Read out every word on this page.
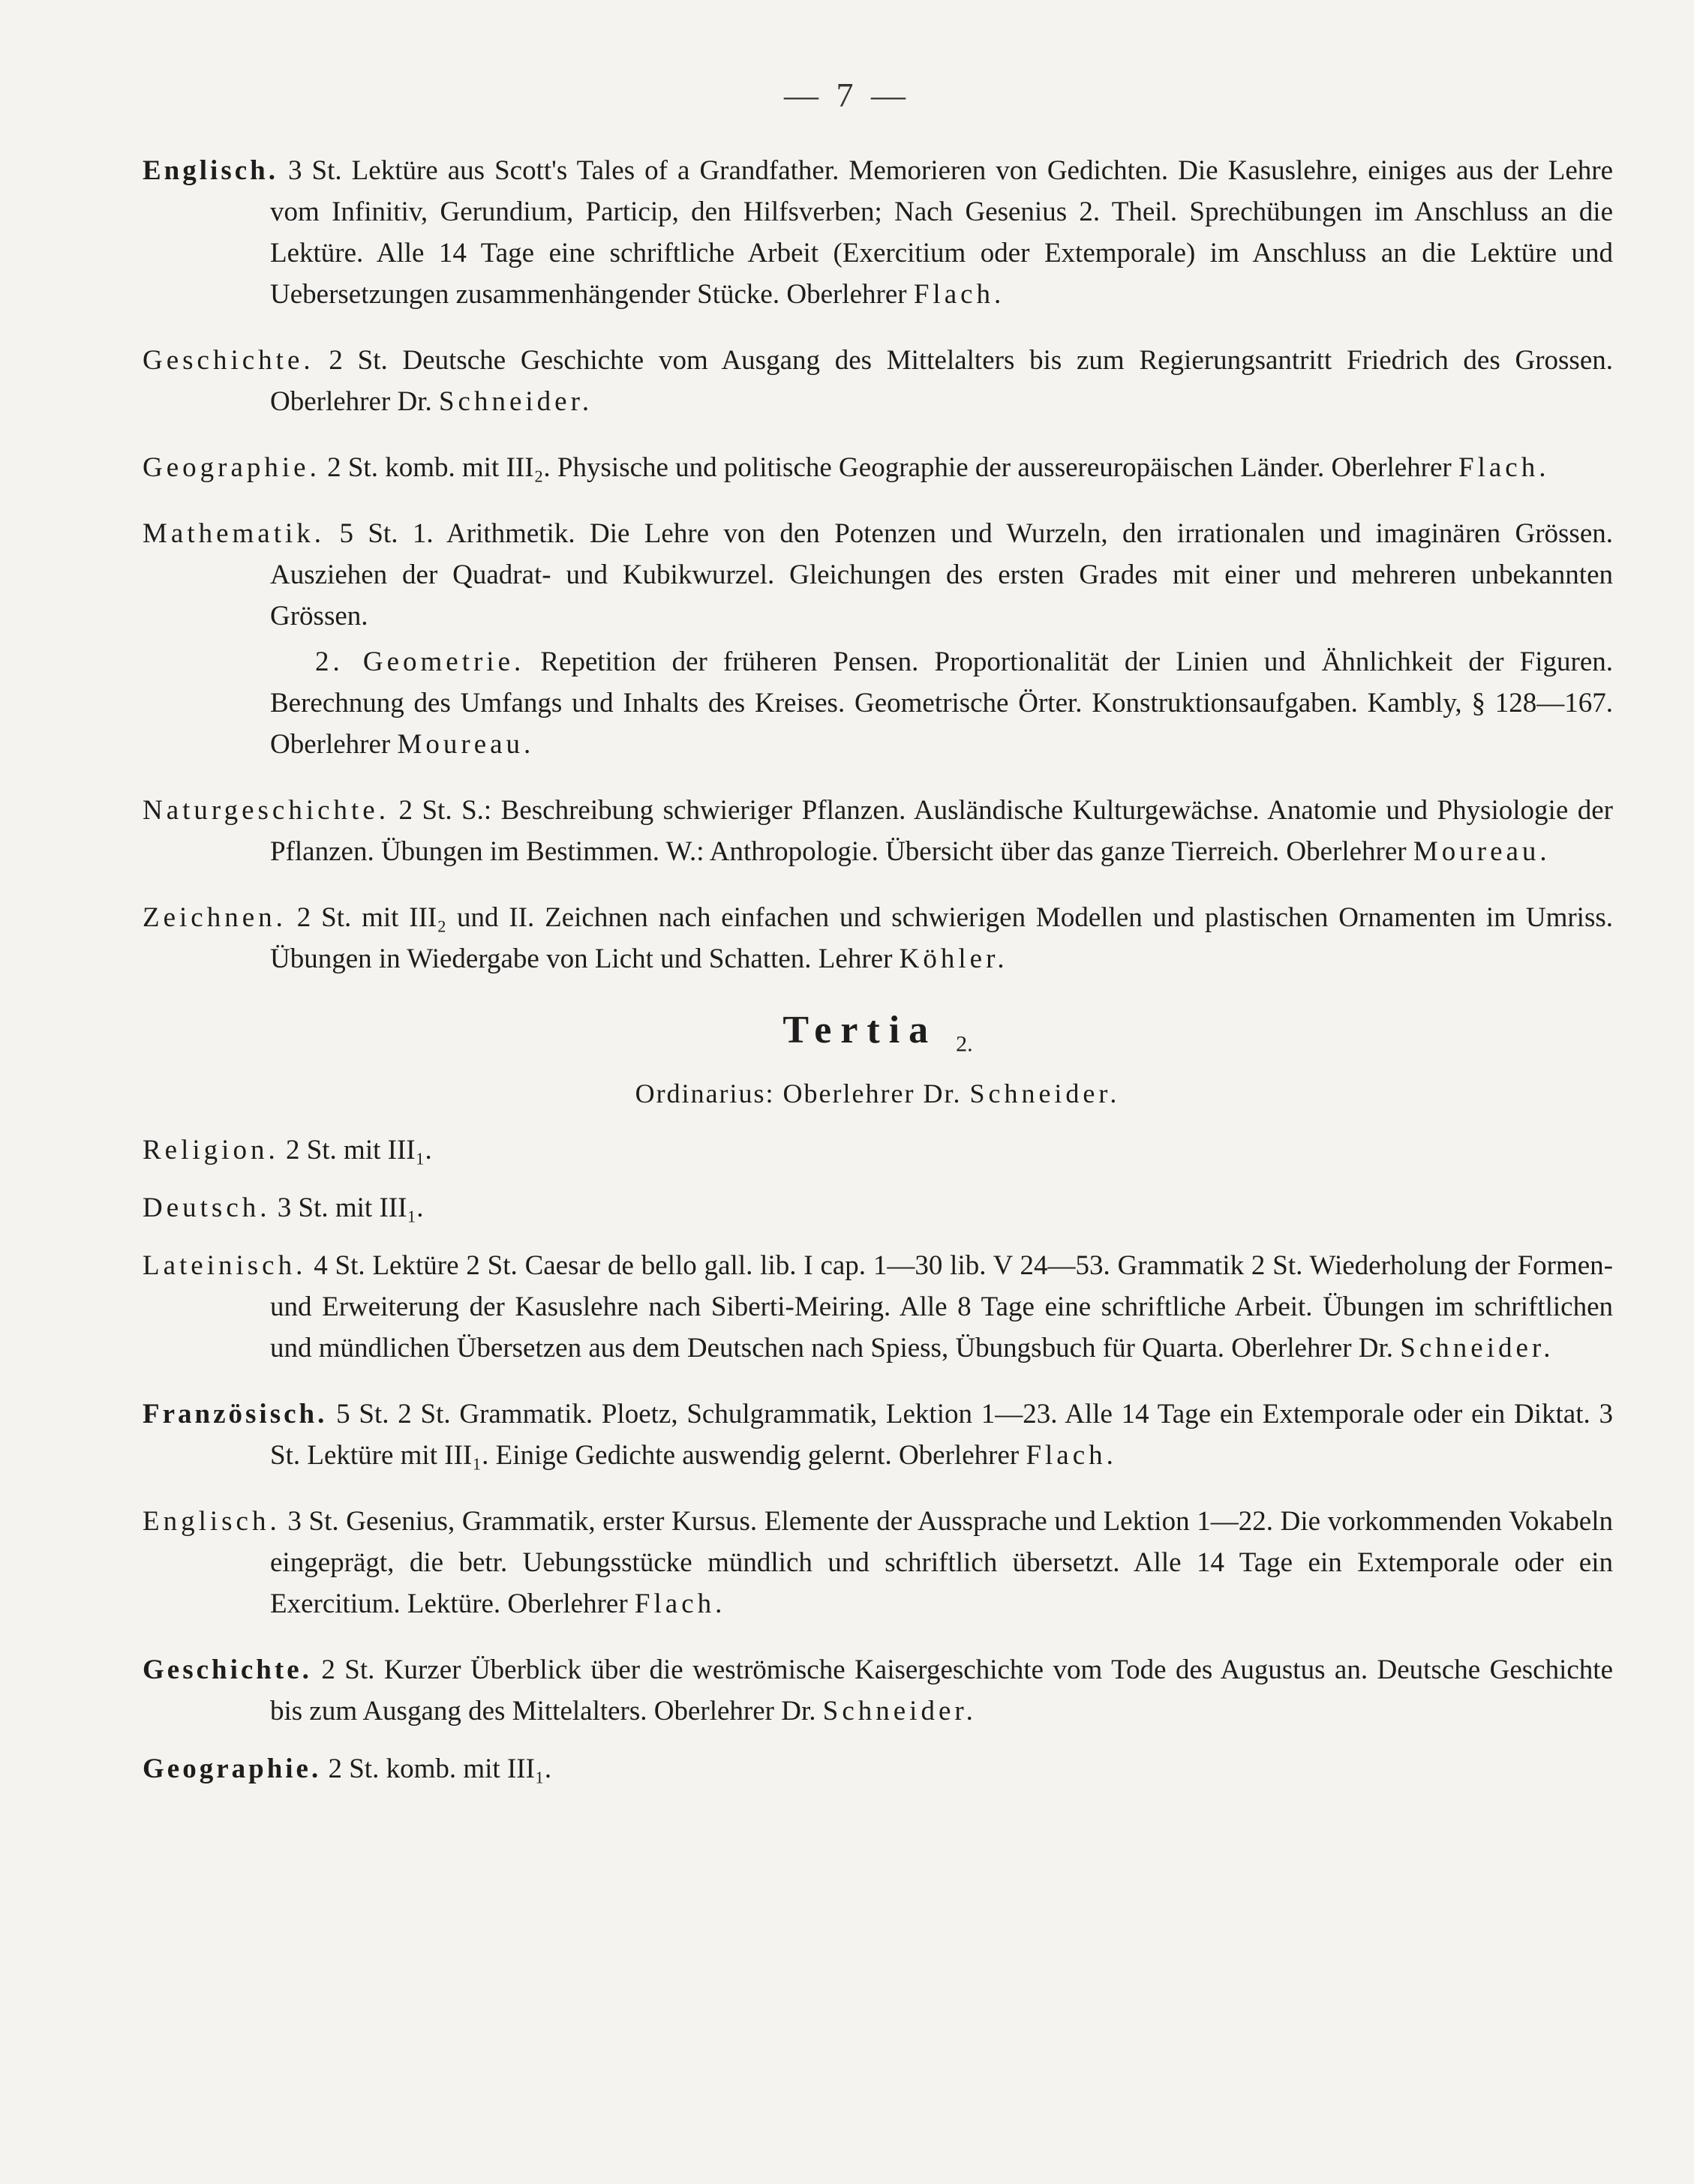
— 7 —

Englisch. 3 St. Lektüre aus Scott's Tales of a Grandfather. Memorieren von Gedichten. Die Kasuslehre, einiges aus der Lehre vom Infinitiv, Gerundium, Particip, den Hilfsverben; Nach Gesenius 2. Theil. Sprechübungen im Anschluss an die Lektüre. Alle 14 Tage eine schriftliche Arbeit (Exercitium oder Extemporale) im Anschluss an die Lektüre und Uebersetzungen zusammenhängender Stücke. Oberlehrer Flach.

Geschichte. 2 St. Deutsche Geschichte vom Ausgang des Mittelalters bis zum Regierungsantritt Friedrich des Grossen. Oberlehrer Dr. Schneider.

Geographie. 2 St. komb. mit III₂. Physische und politische Geographie der aussereuropäischen Länder. Oberlehrer Flach.

Mathematik. 5 St. 1. Arithmetik. Die Lehre von den Potenzen und Wurzeln, den irrationalen und imaginären Grössen. Ausziehen der Quadrat- und Kubikwurzel. Gleichungen des ersten Grades mit einer und mehreren unbekannten Grössen.

2. Geometrie. Repetition der früheren Pensen. Proportionalität der Linien und Ähnlichkeit der Figuren. Berechnung des Umfangs und Inhalts des Kreises. Geometrische Örter. Konstruktionsaufgaben. Kambly, § 128—167. Oberlehrer Moureau.

Naturgeschichte. 2 St. S.: Beschreibung schwieriger Pflanzen. Ausländische Kulturgewächse. Anatomie und Physiologie der Pflanzen. Übungen im Bestimmen. W.: Anthropologie. Übersicht über das ganze Tierreich. Oberlehrer Moureau.

Zeichnen. 2 St. mit III₂ und II. Zeichnen nach einfachen und schwierigen Modellen und plastischen Ornamenten im Umriss. Übungen in Wiedergabe von Licht und Schatten. Lehrer Köhler.

Tertia $_{2.}$
Ordinarius: Oberlehrer Dr. Schneider.

Religion. 2 St. mit III₁.

Deutsch. 3 St. mit III₁.

Lateinisch. 4 St. Lektüre 2 St. Caesar de bello gall. lib. I cap. 1—30 lib. V 24—53. Grammatik 2 St. Wiederholung der Formen- und Erweiterung der Kasuslehre nach Siberti-Meiring. Alle 8 Tage eine schriftliche Arbeit. Übungen im schriftlichen und mündlichen Übersetzen aus dem Deutschen nach Spiess, Übungsbuch für Quarta. Oberlehrer Dr. Schneider.

Französisch. 5 St. 2 St. Grammatik. Ploetz, Schulgrammatik, Lektion 1—23. Alle 14 Tage ein Extemporale oder ein Diktat. 3 St. Lektüre mit III₁. Einige Gedichte auswendig gelernt. Oberlehrer Flach.

Englisch. 3 St. Gesenius, Grammatik, erster Kursus. Elemente der Aussprache und Lektion 1—22. Die vorkommenden Vokabeln eingeprägt, die betr. Uebungsstücke mündlich und schriftlich übersetzt. Alle 14 Tage ein Extemporale oder ein Exercitium. Lektüre. Oberlehrer Flach.

Geschichte. 2 St. Kurzer Überblick über die weströmische Kaisergeschichte vom Tode des Augustus an. Deutsche Geschichte bis zum Ausgang des Mittelalters. Oberlehrer Dr. Schneider.

Geographie. 2 St. komb. mit III₁.
